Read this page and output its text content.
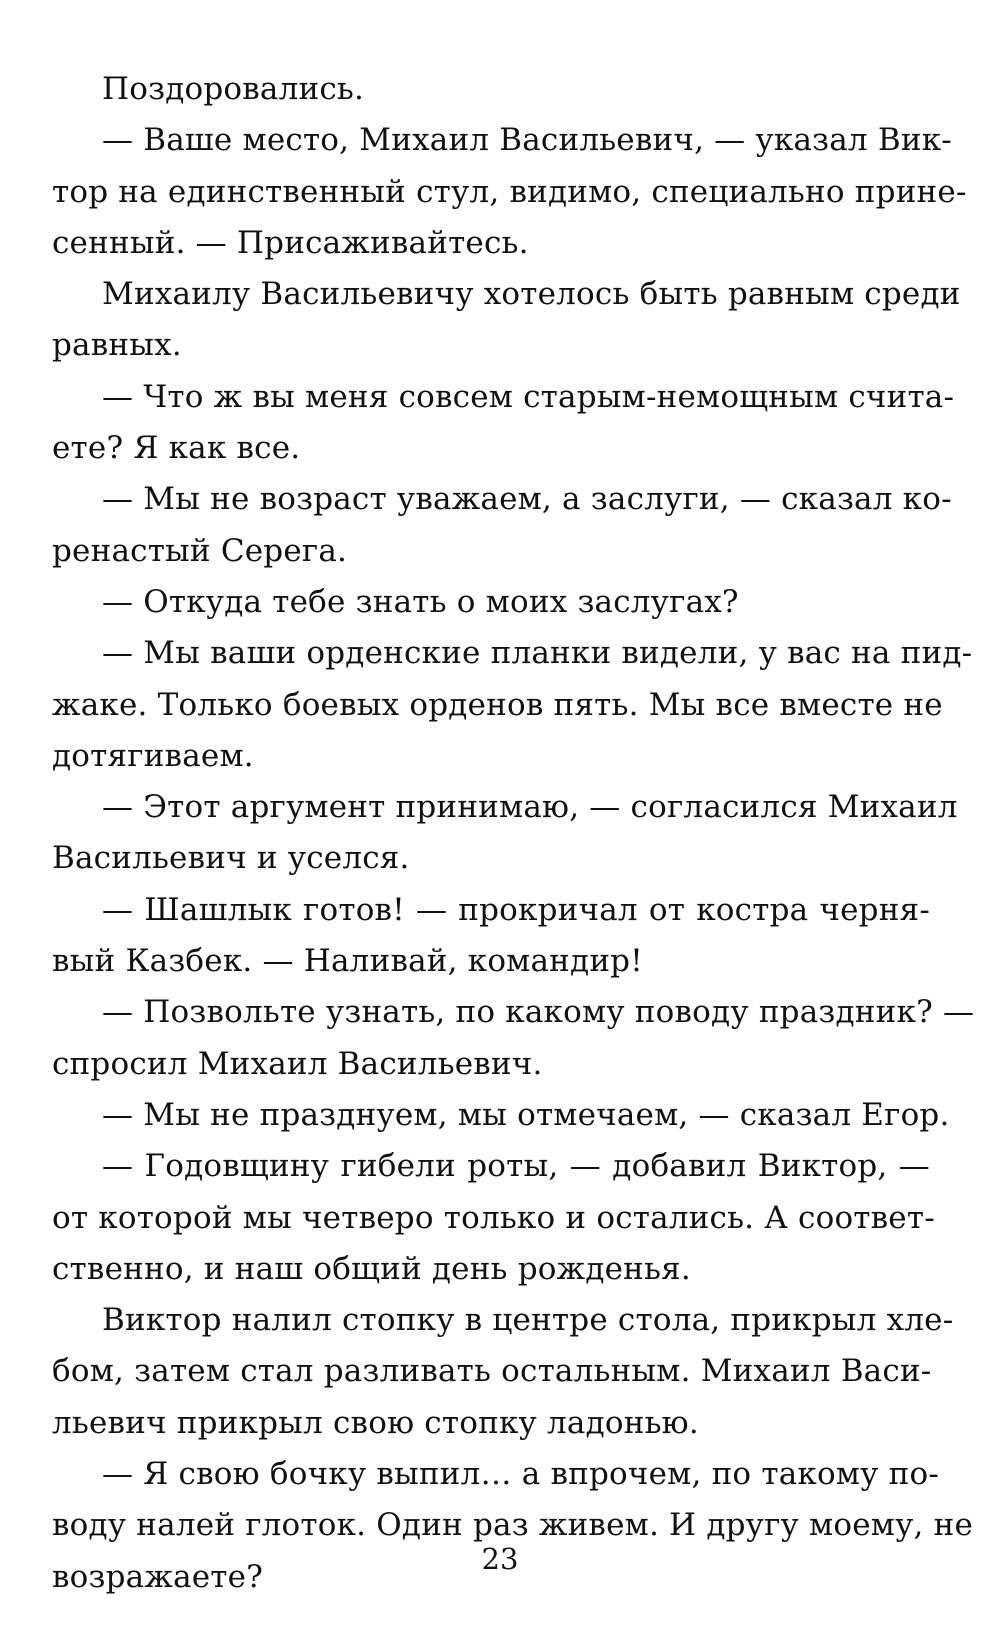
Поздоровались.
— Ваше место, Михаил Васильевич, — указал Вик-
тор на единственный стул, видимо, специально прине-
сенный. — Присаживайтесь.
Михаилу Васильевичу хотелось быть равным среди
равных.
— Что ж вы меня совсем старым-немощным счита-
ете? Я как все.
— Мы не возраст уважаем, а заслуги, — сказал ко-
ренастый Серега.
— Откуда тебе знать о моих заслугах?
— Мы ваши орденские планки видели, у вас на пид-
жаке. Только боевых орденов пять. Мы все вместе не
дотягиваем.
— Этот аргумент принимаю, — согласился Михаил
Васильевич и уселся.
— Шашлык готов! — прокричал от костра черня-
вый Казбек. — Наливай, командир!
— Позвольте узнать, по какому поводу праздник? —
спросил Михаил Васильевич.
— Мы не празднуем, мы отмечаем, — сказал Егор.
— Годовщину гибели роты, — добавил Виктор, —
от которой мы четверо только и остались. А соответ-
ственно, и наш общий день рожденья.
Виктор налил стопку в центре стола, прикрыл хле-
бом, затем стал разливать остальным. Михаил Васи-
льевич прикрыл свою стопку ладонью.
— Я свою бочку выпил… а впрочем, по такому по-
воду налей глоток. Один раз живем. И другу моему, не
возражаете?	23
